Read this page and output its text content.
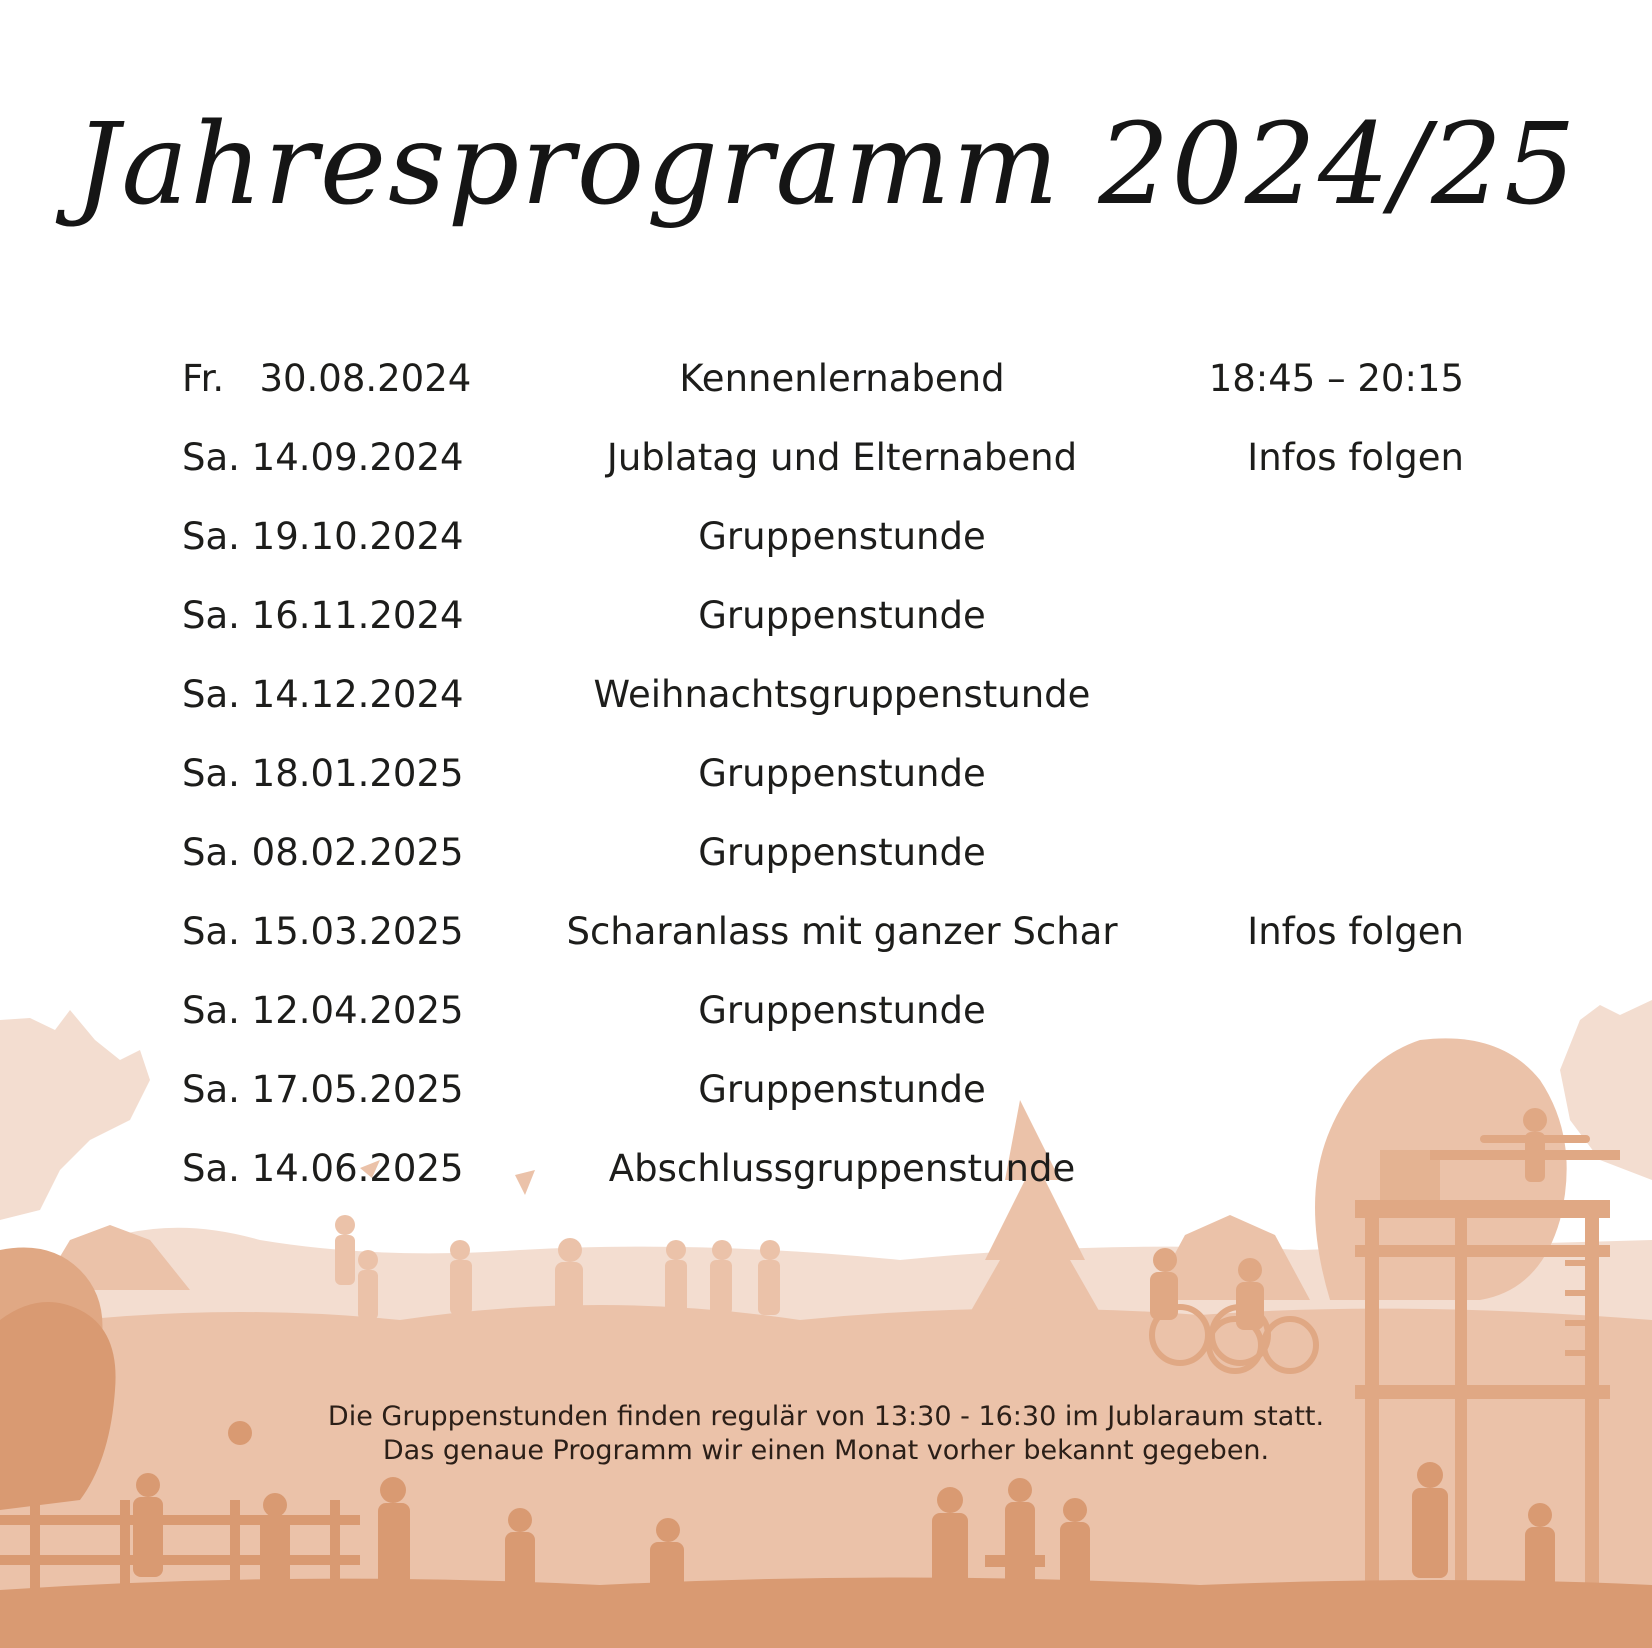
Jahresprogramm 2024/25
Fr.   30.08.2024	Kennenlernabend	18:45 – 20:15
Sa. 14.09.2024	Jublatag und Elternabend	Infos folgen
Sa. 19.10.2024	Gruppenstunde
Sa. 16.11.2024	Gruppenstunde
Sa. 14.12.2024	Weihnachtsgruppenstunde
Sa. 18.01.2025	Gruppenstunde
Sa. 08.02.2025	Gruppenstunde
Sa. 15.03.2025	Scharanlass mit ganzer Schar	Infos folgen
Sa. 12.04.2025	Gruppenstunde
Sa. 17.05.2025	Gruppenstunde
Sa. 14.06.2025	Abschlussgruppenstunde
Die Gruppenstunden finden regulär von 13:30 - 16:30 im Jublaraum statt.
Das genaue Programm wir einen Monat vorher bekannt gegeben.
